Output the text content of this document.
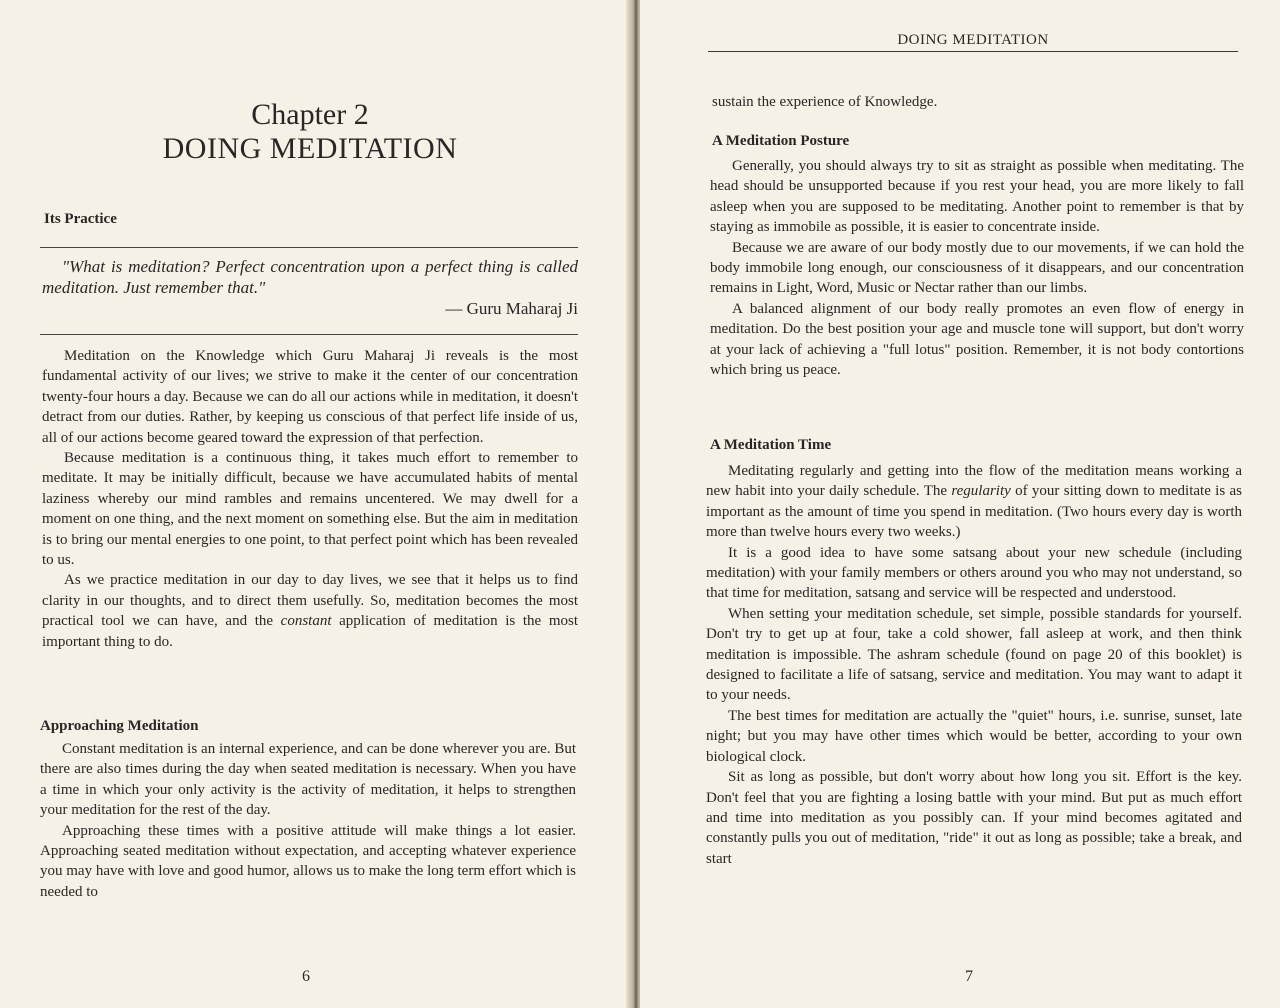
Chapter 2
DOING MEDITATION
Its Practice
"What is meditation? Perfect concentration upon a perfect thing is called meditation. Just remember that."
— Guru Maharaj Ji

Meditation on the Knowledge which Guru Maharaj Ji reveals is the most fundamental activity of our lives; we strive to make it the center of our concentration twenty-four hours a day. Because we can do all our actions while in meditation, it doesn't detract from our duties. Rather, by keeping us conscious of that perfect life inside of us, all of our actions become geared toward the expression of that perfection.

Because meditation is a continuous thing, it takes much effort to remember to meditate. It may be initially difficult, because we have accumulated habits of mental laziness whereby our mind rambles and remains uncentered. We may dwell for a moment on one thing, and the next moment on something else. But the aim in meditation is to bring our mental energies to one point, to that perfect point which has been revealed to us.

As we practice meditation in our day to day lives, we see that it helps us to find clarity in our thoughts, and to direct them usefully. So, meditation becomes the most practical tool we can have, and the constant application of meditation is the most important thing to do.

Approaching Meditation

Constant meditation is an internal experience, and can be done wherever you are. But there are also times during the day when seated meditation is necessary. When you have a time in which your only activity is the activity of meditation, it helps to strengthen your meditation for the rest of the day.

Approaching these times with a positive attitude will make things a lot easier. Approaching seated meditation without expectation, and accepting whatever experience you may have with love and good humor, allows us to make the long term effort which is needed to

6
DOING MEDITATION

sustain the experience of Knowledge.

A Meditation Posture

Generally, you should always try to sit as straight as possible when meditating. The head should be unsupported because if you rest your head, you are more likely to fall asleep when you are supposed to be meditating. Another point to remember is that by staying as immobile as possible, it is easier to concentrate inside.

Because we are aware of our body mostly due to our movements, if we can hold the body immobile long enough, our consciousness of it disappears, and our concentration remains in Light, Word, Music or Nectar rather than our limbs.

A balanced alignment of our body really promotes an even flow of energy in meditation. Do the best position your age and muscle tone will support, but don't worry at your lack of achieving a "full lotus" position. Remember, it is not body contortions which bring us peace.

A Meditation Time

Meditating regularly and getting into the flow of the meditation means working a new habit into your daily schedule. The regularity of your sitting down to meditate is as important as the amount of time you spend in meditation. (Two hours every day is worth more than twelve hours every two weeks.)

It is a good idea to have some satsang about your new schedule (including meditation) with your family members or others around you who may not understand, so that time for meditation, satsang and service will be respected and understood.

When setting your meditation schedule, set simple, possible standards for yourself. Don't try to get up at four, take a cold shower, fall asleep at work, and then think meditation is impossible. The ashram schedule (found on page 20 of this booklet) is designed to facilitate a life of satsang, service and meditation. You may want to adapt it to your needs.

The best times for meditation are actually the "quiet" hours, i.e. sunrise, sunset, late night; but you may have other times which would be better, according to your own biological clock.

Sit as long as possible, but don't worry about how long you sit. Effort is the key. Don't feel that you are fighting a losing battle with your mind. But put as much effort and time into meditation as you possibly can. If your mind becomes agitated and constantly pulls you out of meditation, "ride" it out as long as possible; take a break, and start

7
